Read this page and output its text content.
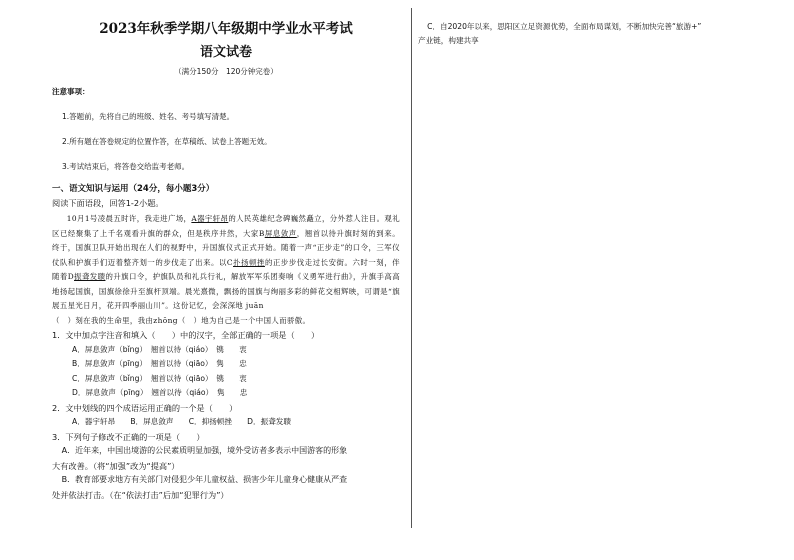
2023年秋季学期八年级期中学业水平考试

语文试卷

（满分150分　120分钟完卷）

注意事项：

1.答题前，先将自己的班级、姓名、考号填写清楚。

2.所有题在答卷规定的位置作答，在草稿纸、试卷上答题无效。

3.考试结束后，将答卷交给监考老师。

一、语文知识与运用（24分，每小题3分）

阅读下面语段，回答1-2小题。

10月1号凌晨五时许，我走进广场，A器宇轩昂的人民英雄纪念碑巍然矗立，分外惹人注目。观礼区已经聚集了上千名观看升旗的群众，但是秩序井然，大家B屏息敛声，翘首以待升旗时刻的到来。终于，国旗卫队开始出现在人们的视野中，升国旗仪式正式开始。随着一声“正步走”的口令，三军仪仗队和护旗手们迈着整齐划一的步伐走了出来。以C扑扬顿挫的正步步伐走过长安街。六时一刻，伴随着D振聋发聩的升旗口令，护旗队员和礼兵行礼，解放军军乐团奏响《义勇军进行曲》，升旗手高高地扬起国旗，国旗徐徐升至旗杆顶端。晨光熹微，飘扬的国旗与绚丽多彩的鲜花交相辉映，可谓是“旗展五星光日月，花开四季丽山川”。这份记忆，会深深地 juān

（　）刻在我的生命里，我由zhōng（　）地为自己是一个中国人而骄傲。

1．文中加点字注音和填入（　　）中的汉字，全部正确的一项是（　　）

A．屏息敛声（bǐng）　翘首以待（qiáo）　镌　　衷

B．屏息敛声（pīng）　翘首以待（qiāo）　隽　　忠

C．屏息敛声（bǐng）　翘首以待（qiāo）　镌　　衷

D．屏息敛声（pīng）　翘首以待（qiáo）　隽　　忠

2．文中划线的四个成语运用正确的一个是（　　）

A．器宇轩昂　　B．屏息敛声　　C．抑扬顿挫　　D．振聋发聩

3．下列句子修改不正确的一项是（　　）

A．近年来，中国出境游的公民素质明显加强，境外受访者多表示中国游客的形象

大有改善。（将“加强”改为“提高”）

B．教育部要求地方有关部门对侵犯少年儿童权益、损害少年儿童身心健康从严查

处并依法打击。（在“依法打击”后加“犯罪行为”）

C．自2020年以来，思阳区立足资源优势，全面布局谋划，不断加快完善“旅游+”

产业链，构建共享
